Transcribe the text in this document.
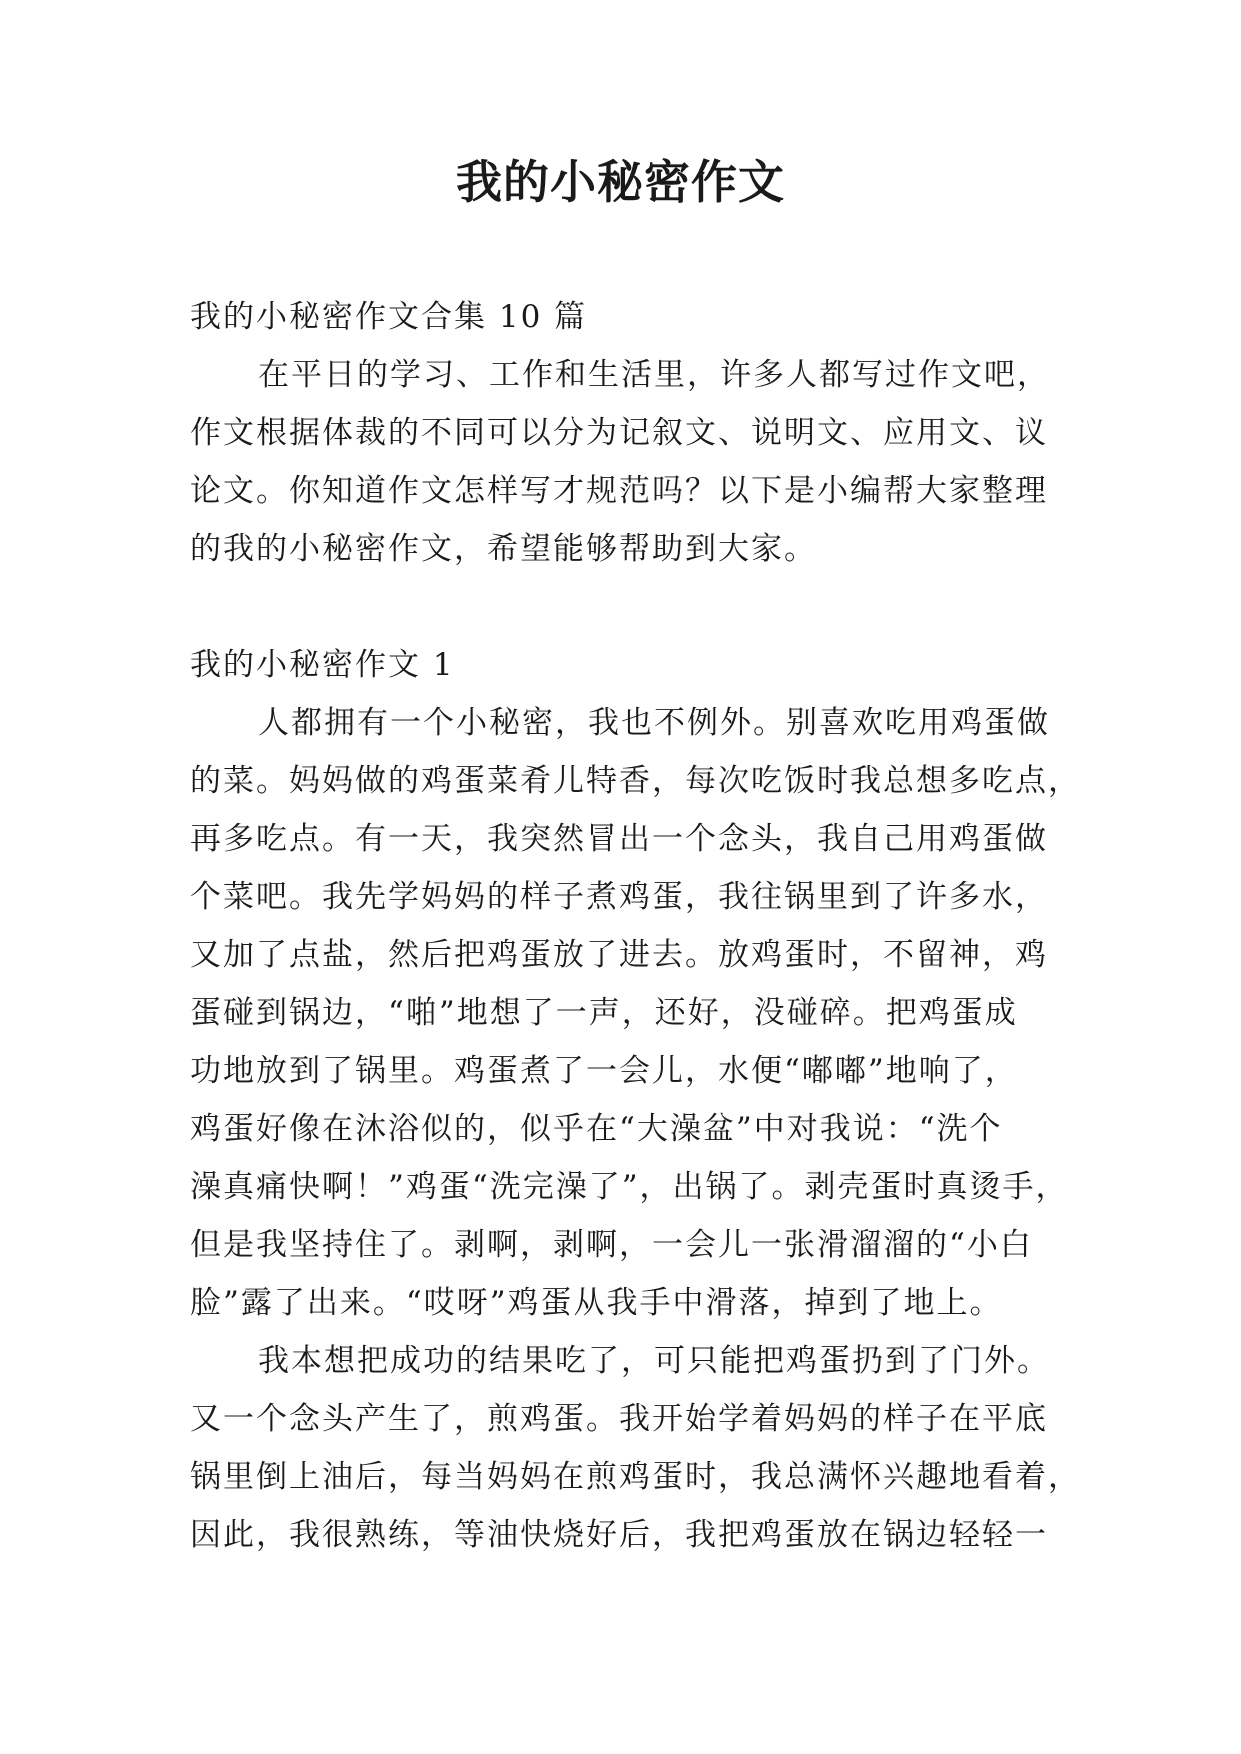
我的小秘密作文
我的小秘密作文合集 10 篇
在平日的学习、工作和生活里，许多人都写过作文吧，
作文根据体裁的不同可以分为记叙文、说明文、应用文、议
论文。你知道作文怎样写才规范吗？以下是小编帮大家整理
的我的小秘密作文，希望能够帮助到大家。
我的小秘密作文 1
人都拥有一个小秘密，我也不例外。别喜欢吃用鸡蛋做
的菜。妈妈做的鸡蛋菜肴儿特香，每次吃饭时我总想多吃点，
再多吃点。有一天，我突然冒出一个念头，我自己用鸡蛋做
个菜吧。我先学妈妈的样子煮鸡蛋，我往锅里到了许多水，
又加了点盐，然后把鸡蛋放了进去。放鸡蛋时，不留神，鸡
蛋碰到锅边，“啪”地想了一声，还好，没碰碎。把鸡蛋成
功地放到了锅里。鸡蛋煮了一会儿，水便“嘟嘟”地响了，
鸡蛋好像在沐浴似的，似乎在“大澡盆”中对我说：“洗个
澡真痛快啊！”鸡蛋“洗完澡了”，出锅了。剥壳蛋时真烫手，
但是我坚持住了。剥啊，剥啊，一会儿一张滑溜溜的“小白
脸”露了出来。“哎呀”鸡蛋从我手中滑落，掉到了地上。
我本想把成功的结果吃了，可只能把鸡蛋扔到了门外。
又一个念头产生了，煎鸡蛋。我开始学着妈妈的样子在平底
锅里倒上油后，每当妈妈在煎鸡蛋时，我总满怀兴趣地看着，
因此，我很熟练，等油快烧好后，我把鸡蛋放在锅边轻轻一
